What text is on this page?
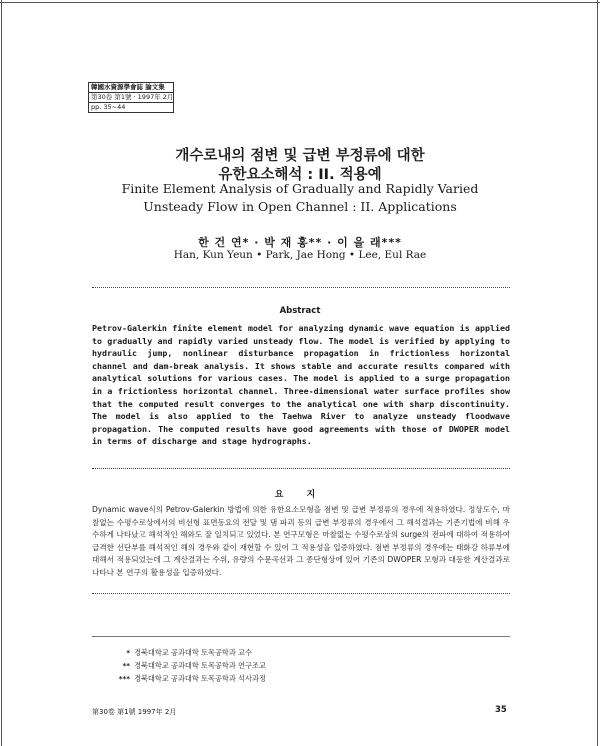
韓國水資源學會誌 論文集
第30卷 第1號 · 1997年 2月
pp. 35~44
개수로내의 점변 및 급변 부정류에 대한
유한요소해석 : II. 적용예
Finite Element Analysis of Gradually and Rapidly Varied
Unsteady Flow in Open Channel : II. Applications
한 건 연* · 박 재 홍** · 이 을 래***
Han, Kun Yeun • Park, Jae Hong • Lee, Eul Rae
Abstract

Petrov-Galerkin finite element model for analyzing dynamic wave equation is applied to gradually and rapidly varied unsteady flow. The model is verified by applying to hydraulic jump, nonlinear disturbance propagation in frictionless horizontal channel and dam-break analysis. It shows stable and accurate results compared with analytical solutions for various cases. The model is applied to a surge propagation in a frictionless horizontal channel. Three-dimensional water surface profiles show that the computed result converges to the analytical one with sharp discontinuity. The model is also applied to the Taehwa River to analyze unsteady floodwave propagation. The computed results have good agreements with those of DWOPER model in terms of discharge and stage hydrographs.

요 지

Dynamic wave식의 Petrov-Galerkin 방법에 의한 유한요소모형을 점변 및 급변 부정류의 경우에 적용하였다. 정상도수, 마찰없는 수평수로상에서의 비선형 표면동요의 전달 및 댐 파괴 등의 급변 부정류의 경우에서 그 해석결과는 기존기법에 비해 우수하게 나타났고 해석적인 해와도 잘 일치되고 있었다. 본 연구모형은 마찰없는 수평수로상의 surge의 전파에 대하여 적용하여 급격한 선단부를 해석적인 해의 경우와 같이 재현할 수 있어 그 적용성을 입증하였다. 점변 부정류의 경우에는 태화강 하류부에 대해서 적용되었는데 그 계산결과는 수위, 유량의 수문곡선과 그 종단형상에 있어 기존의 DWOPER 모형과 대등한 계산결과로 나타나 본 연구의 활용성을 입증하였다.

* 경북대학교 공과대학 토목공학과 교수
** 경북대학교 공과대학 토목공학과 연구조교
*** 경북대학교 공과대학 토목공학과 석사과정
第30卷 第1號 1997年 2月	35
